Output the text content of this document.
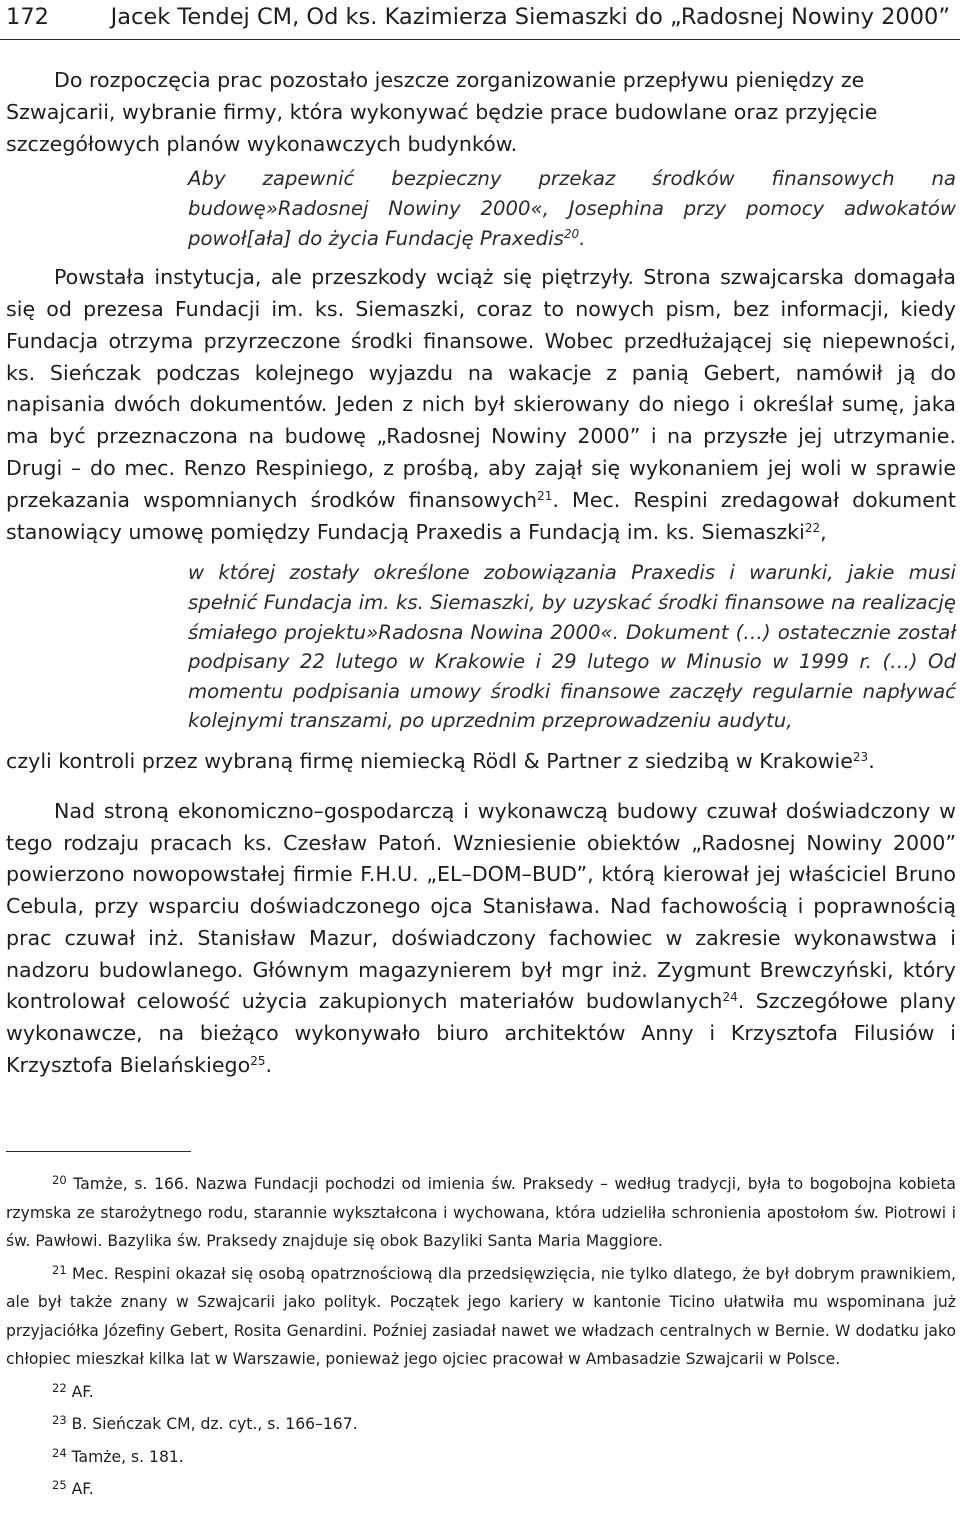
172	Jacek Tendej CM, Od ks. Kazimierza Siemaszki do „Radosnej Nowiny 2000”

Do rozpoczęcia prac pozostało jeszcze zorganizowanie przepływu pieniędzy ze Szwajcarii, wybranie firmy, która wykonywać będzie prace budowlane oraz przyjęcie szczegółowych planów wykonawczych budynków.

Aby zapewnić bezpieczny przekaz środków finansowych na budowę»Radosnej Nowiny 2000«, Josephina przy pomocy adwokatów powoł[ała] do życia Fundację Praxedis$^{20}$.

Powstała instytucja, ale przeszkody wciąż się piętrzyły. Strona szwajcarska domagała się od prezesa Fundacji im. ks. Siemaszki, coraz to nowych pism, bez informacji, kiedy Fundacja otrzyma przyrzeczone środki finansowe. Wobec przedłużającej się niepewności, ks. Sieńczak podczas kolejnego wyjazdu na wakacje z panią Gebert, namówił ją do napisania dwóch dokumentów. Jeden z nich był skierowany do niego i określał sumę, jaka ma być przeznaczona na budowę „Radosnej Nowiny 2000” i na przyszłe jej utrzymanie. Drugi – do mec. Renzo Respiniego, z prośbą, aby zajął się wykonaniem jej woli w sprawie przekazania wspomnianych środków finansowych$^{21}$. Mec. Respini zredagował dokument stanowiący umowę pomiędzy Fundacją Praxedis a Fundacją im. ks. Siemaszki$^{22}$,

w której zostały określone zobowiązania Praxedis i warunki, jakie musi spełnić Fundacja im. ks. Siemaszki, by uzyskać środki finansowe na realizację śmiałego projektu»Radosna Nowina 2000«. Dokument (…) ostatecznie został podpisany 22 lutego w Krakowie i 29 lutego w Minusio w 1999 r. (…) Od momentu podpisania umowy środki finansowe zaczęły regularnie napływać kolejnymi transzami, po uprzednim przeprowadzeniu audytu,

czyli kontroli przez wybraną firmę niemiecką Rödl & Partner z siedzibą w Krakowie$^{23}$.

Nad stroną ekonomiczno–gospodarczą i wykonawczą budowy czuwał doświadczony w tego rodzaju pracach ks. Czesław Patoń. Wzniesienie obiektów „Radosnej Nowiny 2000” powierzono nowopowstałej firmie F.H.U. „EL–DOM–BUD”, którą kierował jej właściciel Bruno Cebula, przy wsparciu doświadczonego ojca Stanisława. Nad fachowością i poprawnością prac czuwał inż. Stanisław Mazur, doświadczony fachowiec w zakresie wykonawstwa i nadzoru budowlanego. Głównym magazynierem był mgr inż. Zygmunt Brewczyński, który kontrolował celowość użycia zakupionych materiałów budowlanych$^{24}$. Szczegółowe plany wykonawcze, na bieżąco wykonywało biuro architektów Anny i Krzysztofa Filusiów i Krzysztofa Bielańskiego$^{25}$.

20 Tamże, s. 166. Nazwa Fundacji pochodzi od imienia św. Praksedy – według tradycji, była to bogobojna kobieta rzymska ze starożytnego rodu, starannie wykształcona i wychowana, która udzieliła schronienia apostołom św. Piotrowi i św. Pawłowi. Bazylika św. Praksedy znajduje się obok Bazyliki Santa Maria Maggiore.

21 Mec. Respini okazał się osobą opatrznościową dla przedsięwzięcia, nie tylko dlatego, że był dobrym prawnikiem, ale był także znany w Szwajcarii jako polityk. Początek jego kariery w kantonie Ticino ułatwiła mu wspominana już przyjaciółka Józefiny Gebert, Rosita Genardini. Poźniej zasiadał nawet we władzach centralnych w Bernie. W dodatku jako chłopiec mieszkał kilka lat w Warszawie, ponieważ jego ojciec pracował w Ambasadzie Szwajcarii w Polsce.

22 AF.

23 B. Sieńczak CM, dz. cyt., s. 166–167.

24 Tamże, s. 181.

25 AF.
